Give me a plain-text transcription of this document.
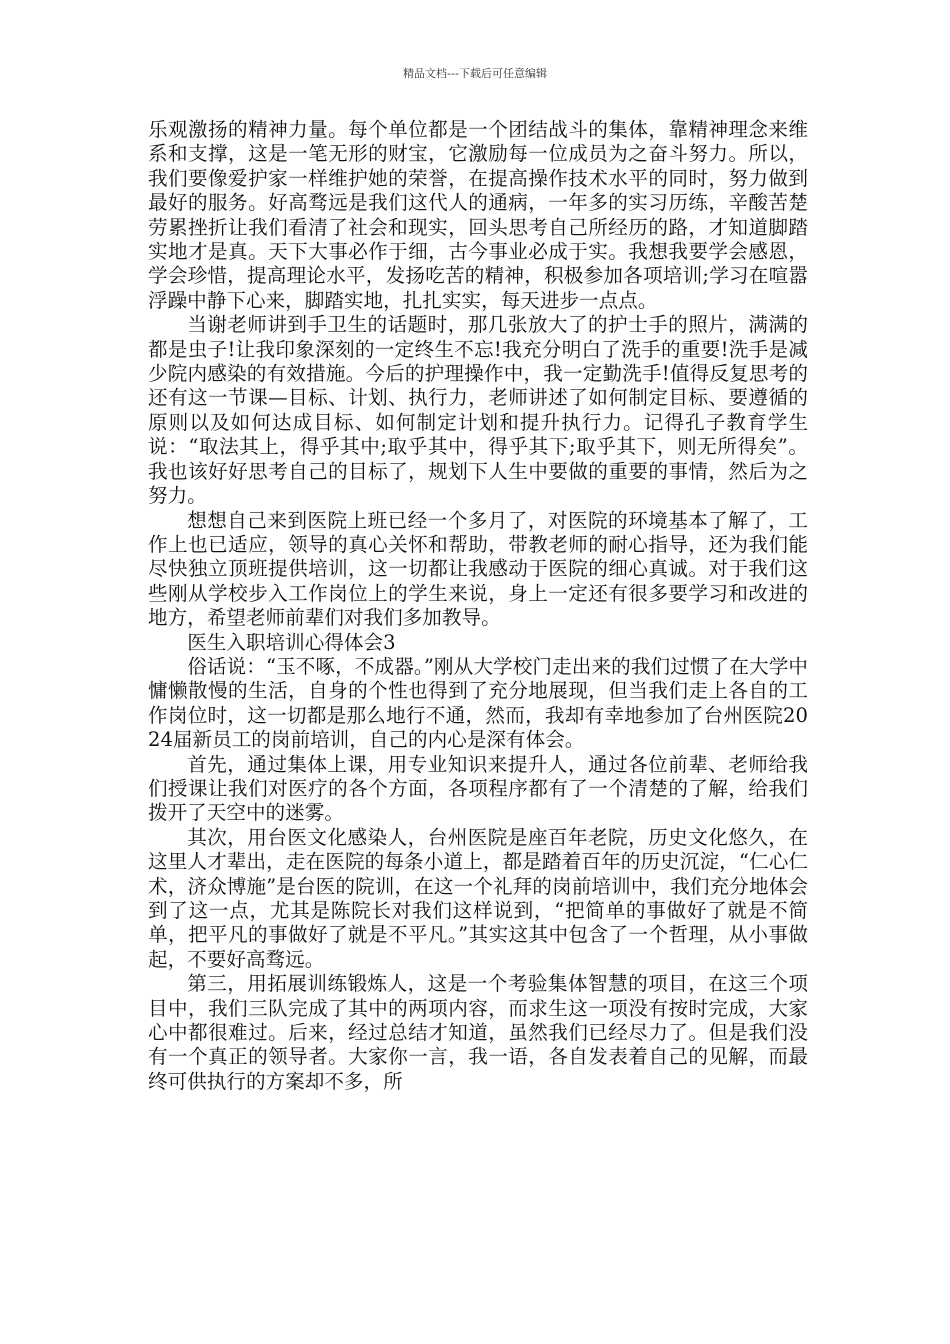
精品文档---下载后可任意编辑

乐观激扬的精神力量。每个单位都是一个团结战斗的集体，靠精神理念来维系和支撑，这是一笔无形的财宝，它激励每一位成员为之奋斗努力。所以，我们要像爱护家一样维护她的荣誉，在提高操作技术水平的同时，努力做到最好的服务。好高骛远是我们这代人的通病，一年多的实习历练，辛酸苦楚劳累挫折让我们看清了社会和现实，回头思考自己所经历的路，才知道脚踏实地才是真。天下大事必作于细，古今事业必成于实。我想我要学会感恩，学会珍惜，提高理论水平，发扬吃苦的精神，积极参加各项培训;学习在喧嚣浮躁中静下心来，脚踏实地，扎扎实实，每天进步一点点。

当谢老师讲到手卫生的话题时，那几张放大了的护士手的照片，满满的都是虫子!让我印象深刻的一定终生不忘!我充分明白了洗手的重要!洗手是减少院内感染的有效措施。今后的护理操作中，我一定勤洗手!值得反复思考的还有这一节课—目标、计划、执行力，老师讲述了如何制定目标、要遵循的原则以及如何达成目标、如何制定计划和提升执行力。记得孔子教育学生说：“取法其上，得乎其中;取乎其中，得乎其下;取乎其下，则无所得矣”。我也该好好思考自己的目标了，规划下人生中要做的重要的事情，然后为之努力。

想想自己来到医院上班已经一个多月了，对医院的环境基本了解了，工作上也已适应，领导的真心关怀和帮助，带教老师的耐心指导，还为我们能尽快独立顶班提供培训，这一切都让我感动于医院的细心真诚。对于我们这些刚从学校步入工作岗位上的学生来说，身上一定还有很多要学习和改进的地方，希望老师前辈们对我们多加教导。

医生入职培训心得体会3

俗话说：“玉不啄，不成器。”刚从大学校门走出来的我们过惯了在大学中慵懒散慢的生活，自身的个性也得到了充分地展现，但当我们走上各自的工作岗位时，这一切都是那么地行不通，然而，我却有幸地参加了台州医院2024届新员工的岗前培训，自己的内心是深有体会。

首先，通过集体上课，用专业知识来提升人，通过各位前辈、老师给我们授课让我们对医疗的各个方面，各项程序都有了一个清楚的了解，给我们拨开了天空中的迷雾。

其次，用台医文化感染人，台州医院是座百年老院，历史文化悠久，在这里人才辈出，走在医院的每条小道上，都是踏着百年的历史沉淀，“仁心仁术，济众博施”是台医的院训，在这一个礼拜的岗前培训中，我们充分地体会到了这一点，尤其是陈院长对我们这样说到，“把简单的事做好了就是不简单，把平凡的事做好了就是不平凡。”其实这其中包含了一个哲理，从小事做起，不要好高骛远。

第三，用拓展训练锻炼人，这是一个考验集体智慧的项目，在这三个项目中，我们三队完成了其中的两项内容，而求生这一项没有按时完成，大家心中都很难过。后来，经过总结才知道，虽然我们已经尽力了。但是我们没有一个真正的领导者。大家你一言，我一语，各自发表着自己的见解，而最终可供执行的方案却不多，所
